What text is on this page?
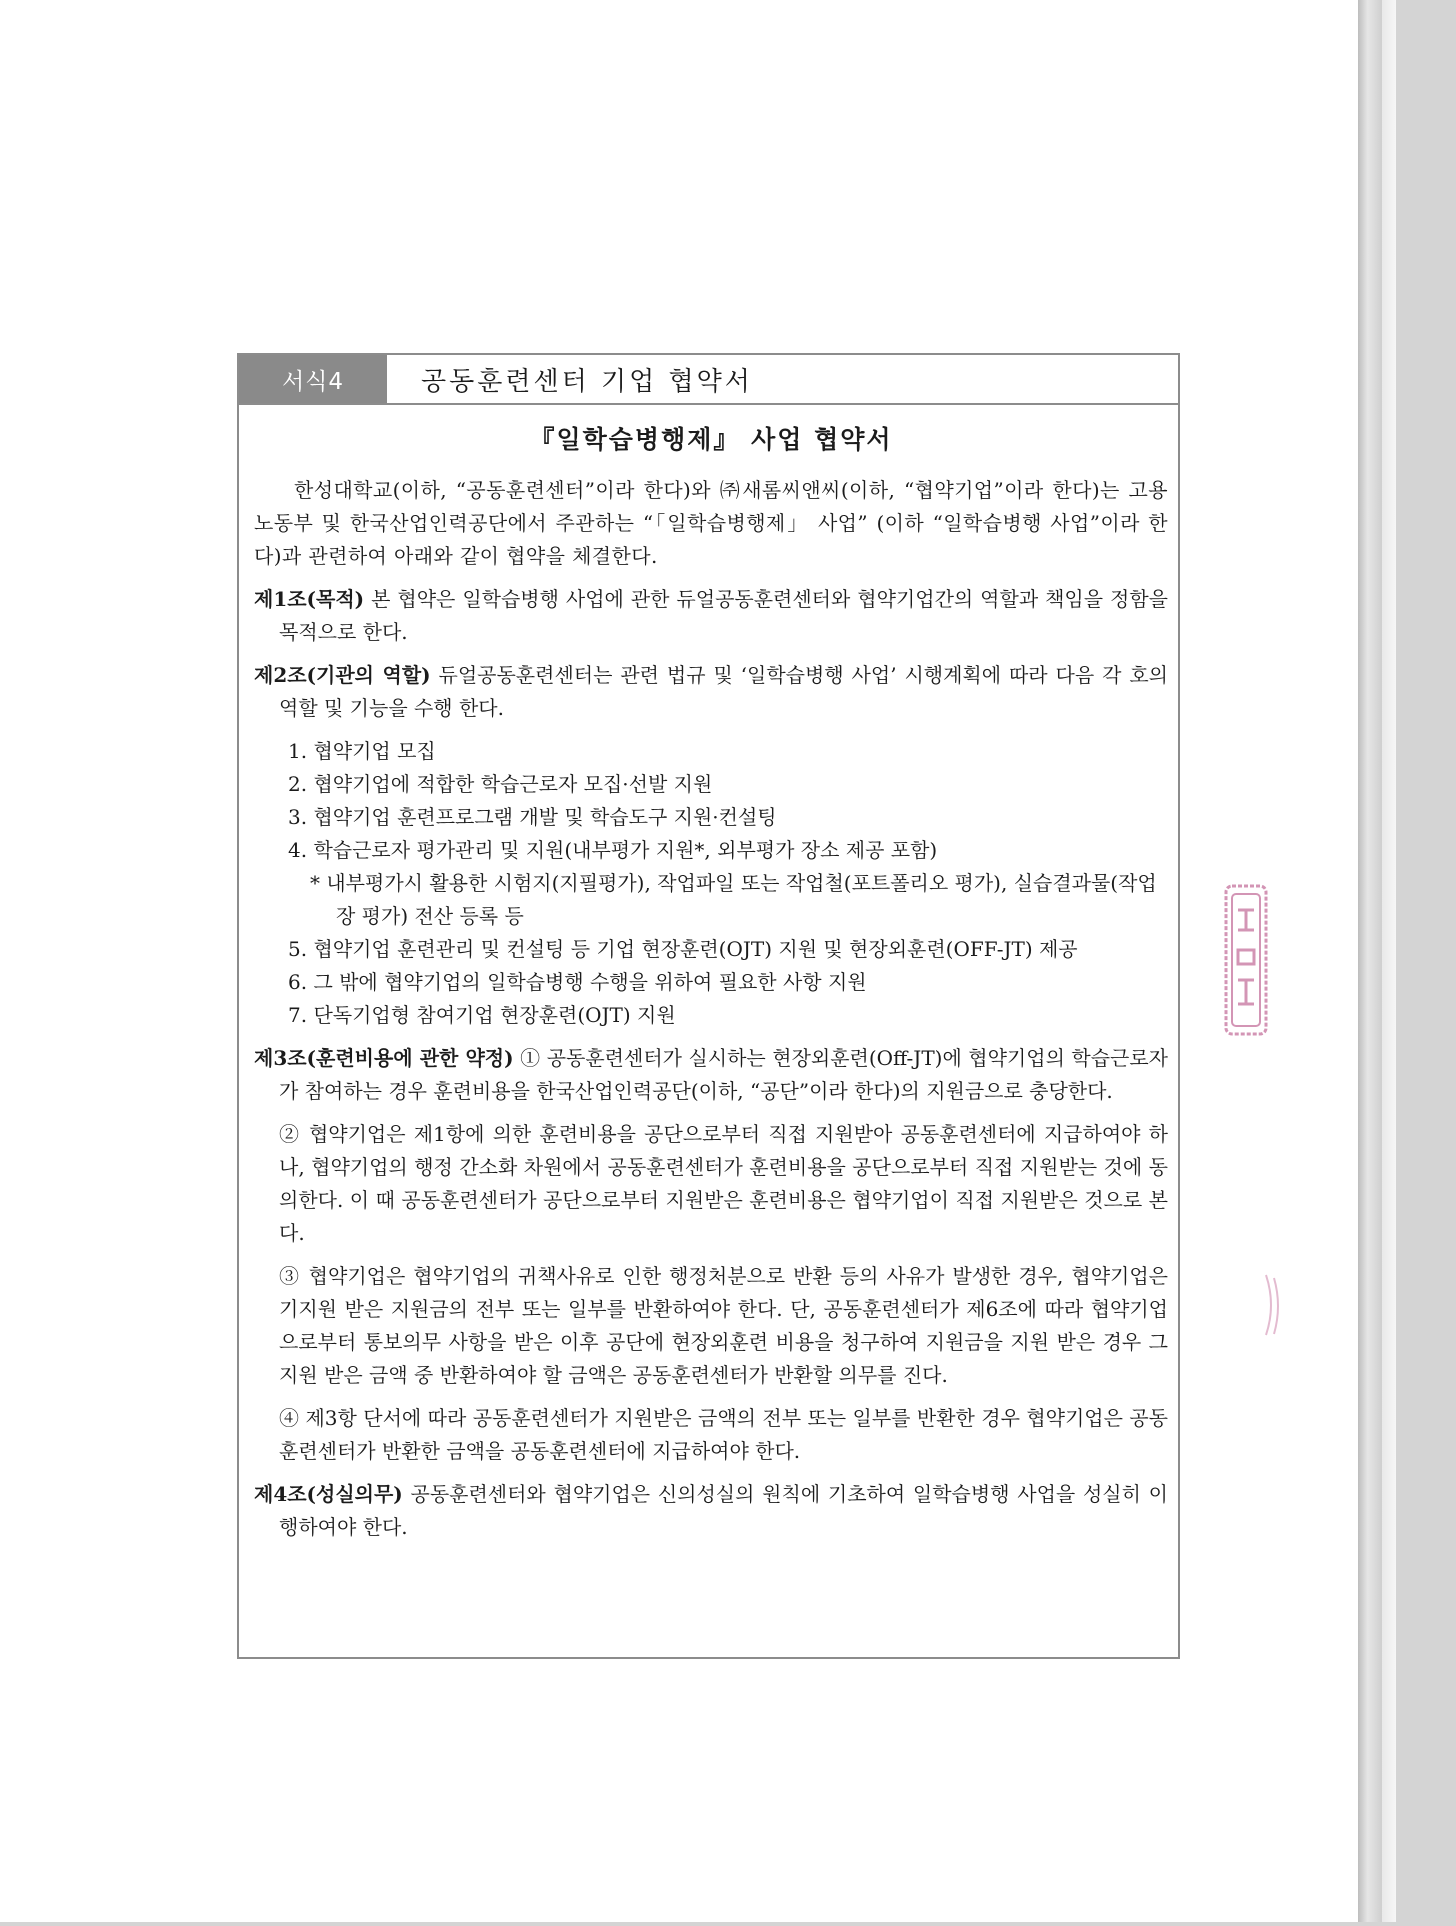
서식4	공동훈련센터 기업 협약서
『일학습병행제』 사업 협약서

한성대학교(이하, “공동훈련센터”이라 한다)와 ㈜새롬씨앤씨(이하, “협약기업”이라 한다)는 고용노동부 및 한국산업인력공단에서 주관하는 “「일학습병행제」 사업” (이하 “일학습병행 사업”이라 한다)과 관련하여 아래와 같이 협약을 체결한다.

제1조(목적) 본 협약은 일학습병행 사업에 관한 듀얼공동훈련센터와 협약기업간의 역할과 책임을 정함을 목적으로 한다.

제2조(기관의 역할) 듀얼공동훈련센터는 관련 법규 및 ‘일학습병행 사업’ 시행계획에 따라 다음 각 호의 역할 및 기능을 수행 한다.

1. 협약기업 모집
2. 협약기업에 적합한 학습근로자 모집·선발 지원
3. 협약기업 훈련프로그램 개발 및 학습도구 지원·컨설팅
4. 학습근로자 평가관리 및 지원(내부평가 지원*, 외부평가 장소 제공 포함)
* 내부평가시 활용한 시험지(지필평가), 작업파일 또는 작업철(포트폴리오 평가), 실습결과물(작업장 평가) 전산 등록 등
5. 협약기업 훈련관리 및 컨설팅 등 기업 현장훈련(OJT) 지원 및 현장외훈련(OFF-JT) 제공
6. 그 밖에 협약기업의 일학습병행 수행을 위하여 필요한 사항 지원
7. 단독기업형 참여기업 현장훈련(OJT) 지원

제3조(훈련비용에 관한 약정) ① 공동훈련센터가 실시하는 현장외훈련(Off-JT)에 협약기업의 학습근로자가 참여하는 경우 훈련비용을 한국산업인력공단(이하, “공단”이라 한다)의 지원금으로 충당한다.

② 협약기업은 제1항에 의한 훈련비용을 공단으로부터 직접 지원받아 공동훈련센터에 지급하여야 하나, 협약기업의 행정 간소화 차원에서 공동훈련센터가 훈련비용을 공단으로부터 직접 지원받는 것에 동의한다. 이 때 공동훈련센터가 공단으로부터 지원받은 훈련비용은 협약기업이 직접 지원받은 것으로 본다.

③ 협약기업은 협약기업의 귀책사유로 인한 행정처분으로 반환 등의 사유가 발생한 경우, 협약기업은 기지원 받은 지원금의 전부 또는 일부를 반환하여야 한다. 단, 공동훈련센터가 제6조에 따라 협약기업으로부터 통보의무 사항을 받은 이후 공단에 현장외훈련 비용을 청구하여 지원금을 지원 받은 경우 그 지원 받은 금액 중 반환하여야 할 금액은 공동훈련센터가 반환할 의무를 진다.

④ 제3항 단서에 따라 공동훈련센터가 지원받은 금액의 전부 또는 일부를 반환한 경우 협약기업은 공동훈련센터가 반환한 금액을 공동훈련센터에 지급하여야 한다.

제4조(성실의무) 공동훈련센터와 협약기업은 신의성실의 원칙에 기초하여 일학습병행 사업을 성실히 이행하여야 한다.
